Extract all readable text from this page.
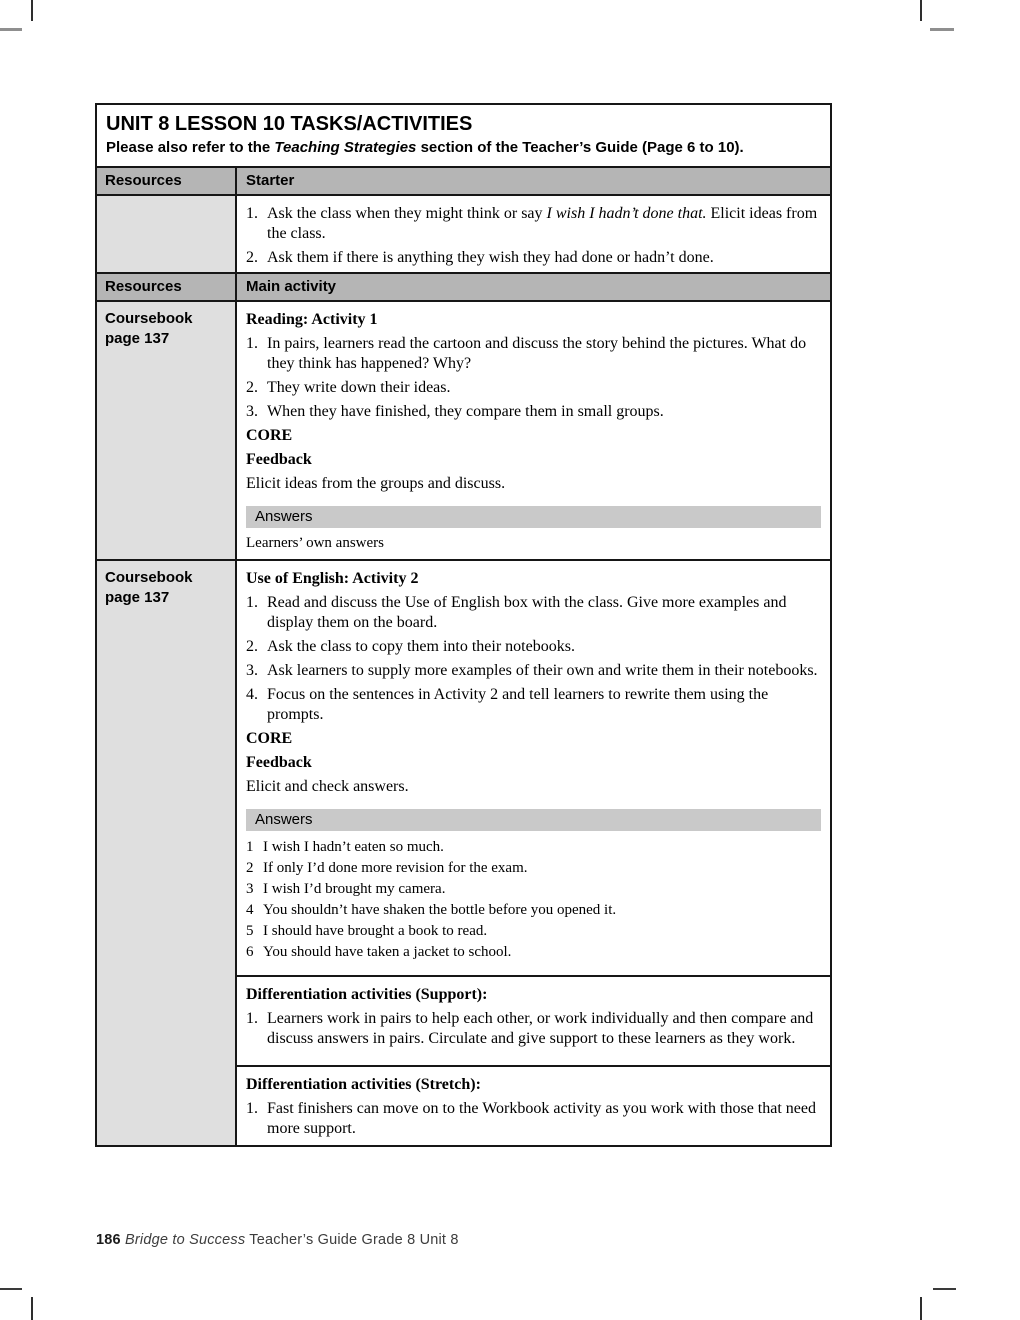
UNIT 8 LESSON 10 TASKS/ACTIVITIES
Please also refer to the Teaching Strategies section of the Teacher’s Guide (Page 6 to 10).
Resources	Starter
1. Ask the class when they might think or say I wish I hadn’t done that. Elicit ideas from the class.
2. Ask them if there is anything they wish they had done or hadn’t done.
Resources	Main activity
Coursebook
page 137
Reading: Activity 1
1. In pairs, learners read the cartoon and discuss the story behind the pictures. What do they think has happened? Why?
2. They write down their ideas.
3. When they have finished, they compare them in small groups.
CORE
Feedback
Elicit ideas from the groups and discuss.
Answers
Learners’ own answers
Coursebook
page 137
Use of English: Activity 2
1. Read and discuss the Use of English box with the class. Give more examples and display them on the board.
2. Ask the class to copy them into their notebooks.
3. Ask learners to supply more examples of their own and write them in their notebooks.
4. Focus on the sentences in Activity 2 and tell learners to rewrite them using the prompts.
CORE
Feedback
Elicit and check answers.
Answers
1 I wish I hadn’t eaten so much.
2 If only I’d done more revision for the exam.
3 I wish I’d brought my camera.
4 You shouldn’t have shaken the bottle before you opened it.
5 I should have brought a book to read.
6 You should have taken a jacket to school.
Differentiation activities (Support):
1. Learners work in pairs to help each other, or work individually and then compare and discuss answers in pairs. Circulate and give support to these learners as they work.
Differentiation activities (Stretch):
1. Fast finishers can move on to the Workbook activity as you work with those that need more support.
186 Bridge to Success Teacher’s Guide Grade 8 Unit 8
